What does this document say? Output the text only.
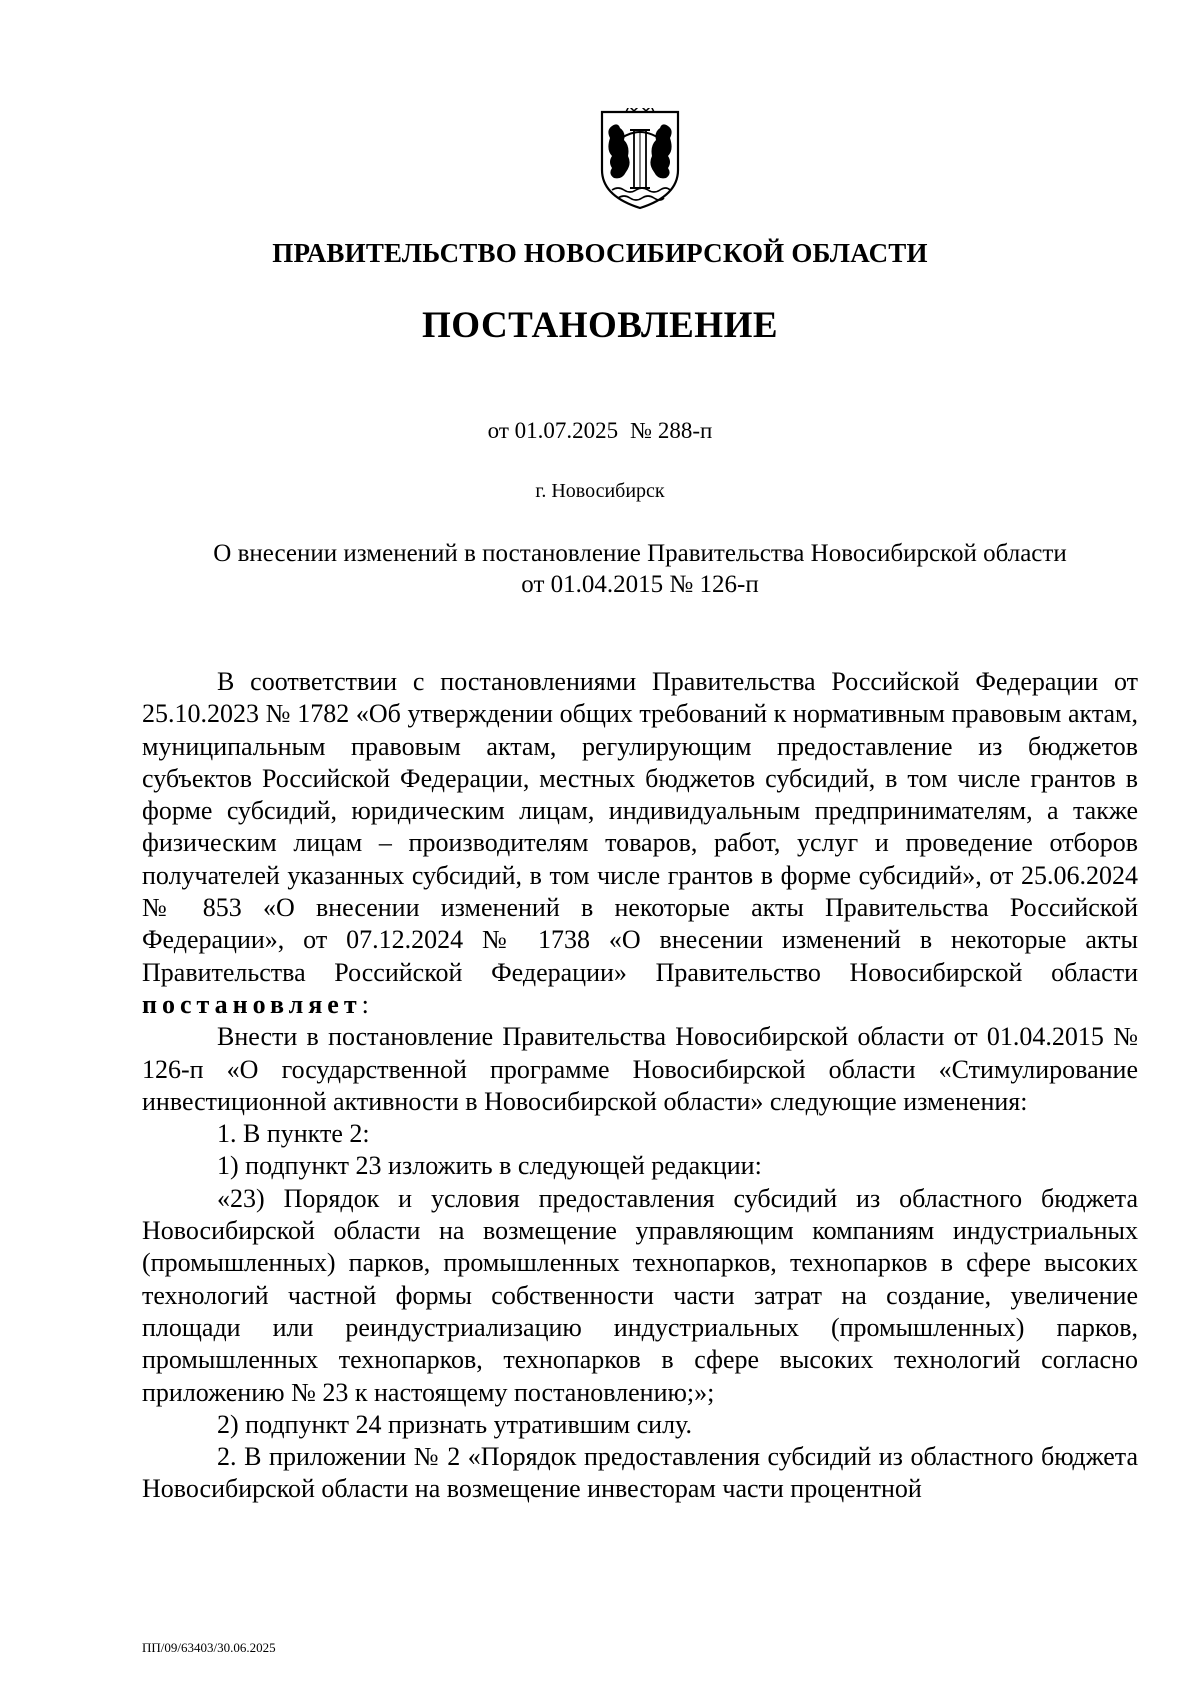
ПРАВИТЕЛЬСТВО НОВОСИБИРСКОЙ ОБЛАСТИ
ПОСТАНОВЛЕНИЕ
от 01.07.2025 № 288-п
г. Новосибирск
О внесении изменений в постановление Правительства Новосибирской области
от 01.04.2015 № 126-п

В соответствии с постановлениями Правительства Российской Федерации от 25.10.2023 № 1782 «Об утверждении общих требований к нормативным правовым актам, муниципальным правовым актам, регулирующим предоставление из бюджетов субъектов Российской Федерации, местных бюджетов субсидий, в том числе грантов в форме субсидий, юридическим лицам, индивидуальным предпринимателям, а также физическим лицам – производителям товаров, работ, услуг и проведение отборов получателей указанных субсидий, в том числе грантов в форме субсидий», от 25.06.2024 № 853 «О внесении изменений в некоторые акты Правительства Российской Федерации», от 07.12.2024 № 1738 «О внесении изменений в некоторые акты Правительства Российской Федерации» Правительство Новосибирской области постановляет:

Внести в постановление Правительства Новосибирской области от 01.04.2015 № 126-п «О государственной программе Новосибирской области «Стимулирование инвестиционной активности в Новосибирской области» следующие изменения:

1. В пункте 2:

1) подпункт 23 изложить в следующей редакции:

«23) Порядок и условия предоставления субсидий из областного бюджета Новосибирской области на возмещение управляющим компаниям индустриальных (промышленных) парков, промышленных технопарков, технопарков в сфере высоких технологий частной формы собственности части затрат на создание, увеличение площади или реиндустриализацию индустриальных (промышленных) парков, промышленных технопарков, технопарков в сфере высоких технологий согласно приложению № 23 к настоящему постановлению;»;

2) подпункт 24 признать утратившим силу.

2. В приложении № 2 «Порядок предоставления субсидий из областного бюджета Новосибирской области на возмещение инвесторам части процентной

ПП/09/63403/30.06.2025
